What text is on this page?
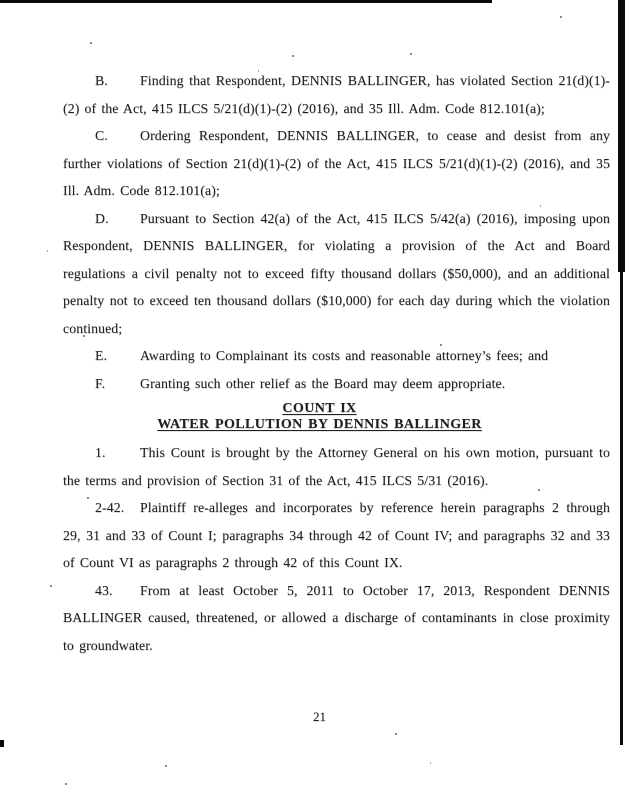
B. Finding that Respondent, DENNIS BALLINGER, has violated Section 21(d)(1)-(2) of the Act, 415 ILCS 5/21(d)(1)-(2) (2016), and 35 Ill. Adm. Code 812.101(a);

C. Ordering Respondent, DENNIS BALLINGER, to cease and desist from any further violations of Section 21(d)(1)-(2) of the Act, 415 ILCS 5/21(d)(1)-(2) (2016), and 35 Ill. Adm. Code 812.101(a);

D. Pursuant to Section 42(a) of the Act, 415 ILCS 5/42(a) (2016), imposing upon Respondent, DENNIS BALLINGER, for violating a provision of the Act and Board regulations a civil penalty not to exceed fifty thousand dollars ($50,000), and an additional penalty not to exceed ten thousand dollars ($10,000) for each day during which the violation continued;

E. Awarding to Complainant its costs and reasonable attorney’s fees; and

F.	Granting such other relief as the Board may deem appropriate.

COUNT IX
WATER POLLUTION BY DENNIS BALLINGER

1. This Count is brought by the Attorney General on his own motion, pursuant to the terms and provision of Section 31 of the Act, 415 ILCS 5/31 (2016).

2-42. Plaintiff re-alleges and incorporates by reference herein paragraphs 2 through 29, 31 and 33 of Count I; paragraphs 34 through 42 of Count IV; and paragraphs 32 and 33 of Count VI as paragraphs 2 through 42 of this Count IX.

43. From at least October 5, 2011 to October 17, 2013, Respondent DENNIS BALLINGER caused, threatened, or allowed a discharge of contaminants in close proximity to groundwater.

21
